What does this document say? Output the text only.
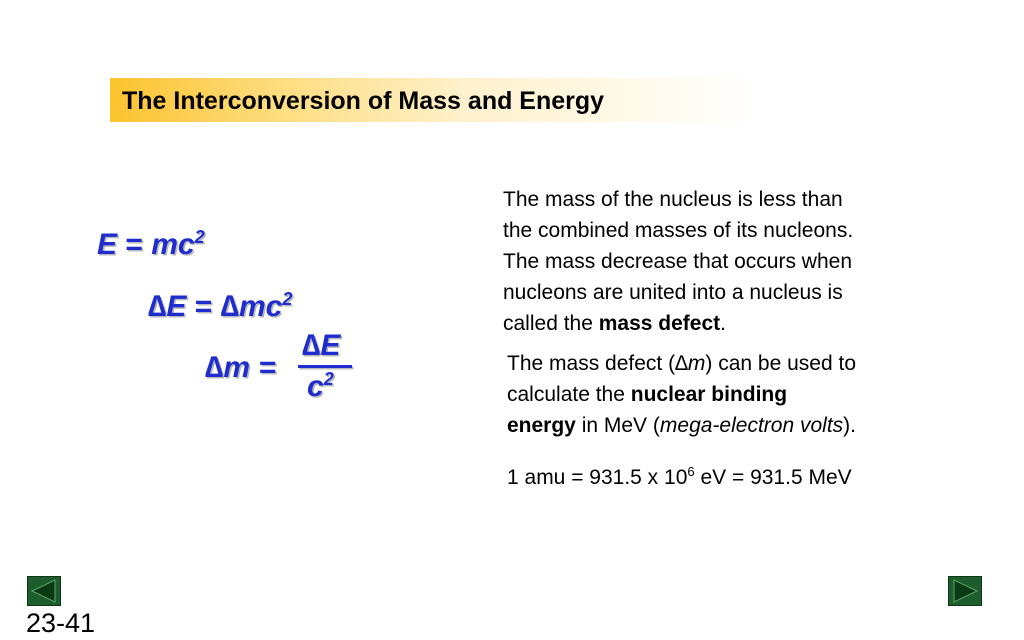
The Interconversion of Mass and Energy
$E = mc^2$
$\Delta E = \Delta mc^2$
∆m =
∆E
$c^2$
The mass of the nucleus is less than
the combined masses of its nucleons.
The mass decrease that occurs when
nucleons are united into a nucleus is
called the mass defect.
The mass defect (∆m) can be used to
calculate the nuclear binding
energy in MeV (mega-electron volts).
1 amu = 931.5 x $10^6$ eV = 931.5 MeV
23-41
